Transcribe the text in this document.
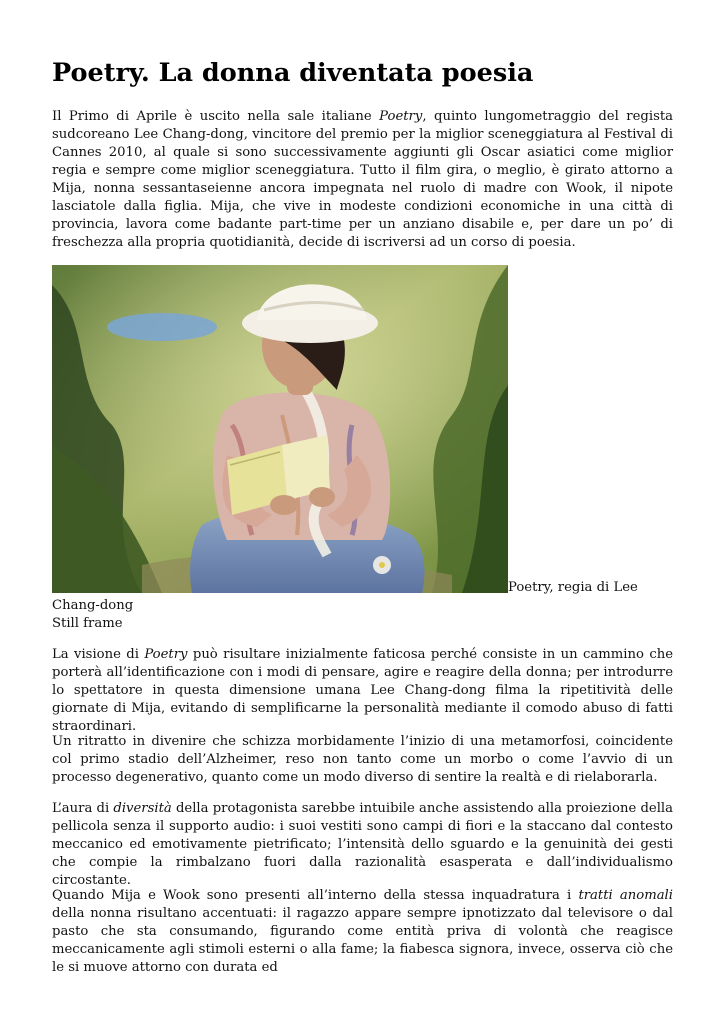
Poetry. La donna diventata poesia

Il Primo di Aprile è uscito nella sale italiane Poetry, quinto lungometraggio del regista sudcoreano Lee Chang-dong, vincitore del premio per la miglior sceneggiatura al Festival di Cannes 2010, al quale si sono successivamente aggiunti gli Oscar asiatici come miglior regia e sempre come miglior sceneggiatura. Tutto il film gira, o meglio, è girato attorno a Mija, nonna sessantaseienne ancora impegnata nel ruolo di madre con Wook, il nipote lasciatole dalla figlia. Mija, che vive in modeste condizioni economiche in una città di provincia, lavora come badante part-time per un anziano disabile e, per dare un po’ di freschezza alla propria quotidianità, decide di iscriversi ad un corso di poesia.

Poetry, regia di Lee
Chang-dong
Still frame

La visione di Poetry può risultare inizialmente faticosa perché consiste in un cammino che porterà all’identificazione con i modi di pensare, agire e reagire della donna; per introdurre lo spettatore in questa dimensione umana Lee Chang-dong filma la ripetitività delle giornate di Mija, evitando di semplificarne la personalità mediante il comodo abuso di fatti straordinari.

Un ritratto in divenire che schizza morbidamente l’inizio di una metamorfosi, coincidente col primo stadio dell’Alzheimer, reso non tanto come un morbo o come l’avvio di un processo degenerativo, quanto come un modo diverso di sentire la realtà e di rielaborarla.

L’aura di diversità della protagonista sarebbe intuibile anche assistendo alla proiezione della pellicola senza il supporto audio: i suoi vestiti sono campi di fiori e la staccano dal contesto meccanico ed emotivamente pietrificato; l’intensità dello sguardo e la genuinità dei gesti che compie la rimbalzano fuori dalla razionalità esasperata e dall’individualismo circostante.

Quando Mija e Wook sono presenti all’interno della stessa inquadratura i tratti anomali della nonna risultano accentuati: il ragazzo appare sempre ipnotizzato dal televisore o dal pasto che sta consumando, figurando come entità priva di volontà che reagisce meccanicamente agli stimoli esterni o alla fame; la fiabesca signora, invece, osserva ciò che le si muove attorno con durata ed
